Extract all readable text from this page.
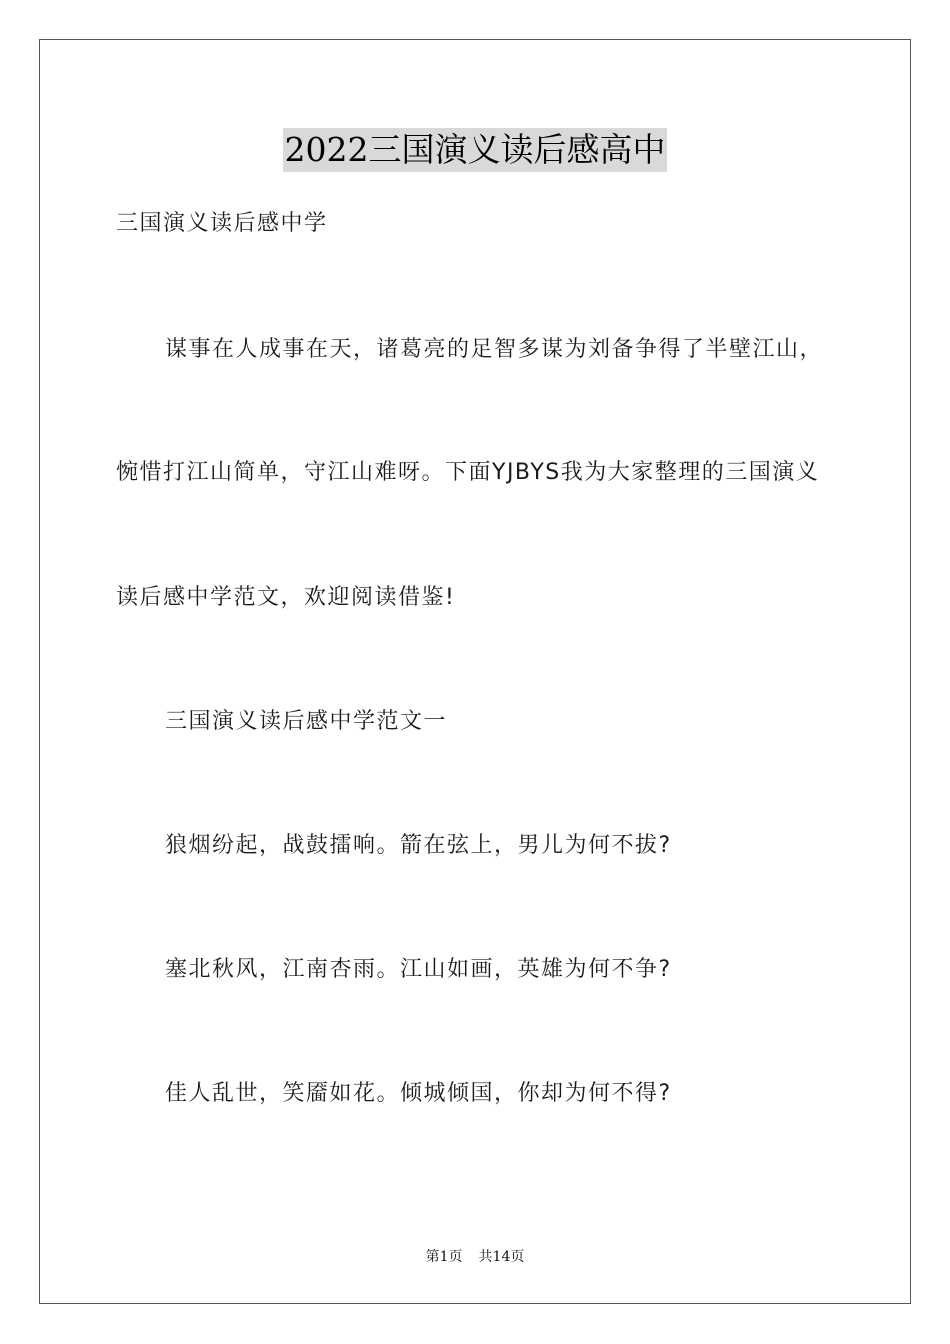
2022三国演义读后感高中
三国演义读后感中学
谋事在人成事在天，诸葛亮的足智多谋为刘备争得了半壁江山，
惋惜打江山简单，守江山难呀。下面YJBYS我为大家整理的三国演义
读后感中学范文，欢迎阅读借鉴!
三国演义读后感中学范文一
狼烟纷起，战鼓擂响。箭在弦上，男儿为何不拔?
塞北秋风，江南杏雨。江山如画，英雄为何不争?
佳人乱世，笑靥如花。倾城倾国，你却为何不得?
第1页 共14页
